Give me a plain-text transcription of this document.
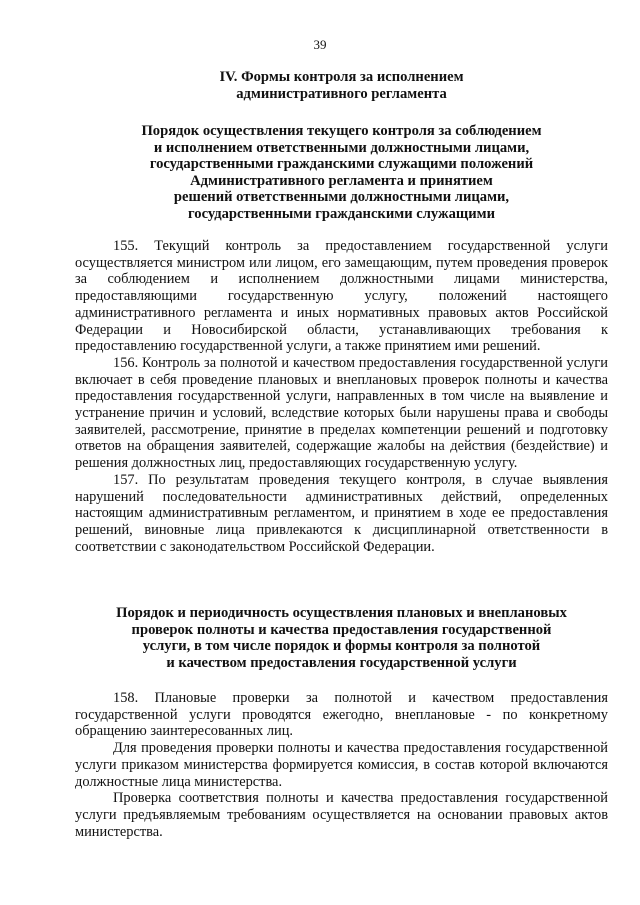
39
IV. Формы контроля за исполнением
административного регламента
Порядок осуществления текущего контроля за соблюдением
и исполнением ответственными должностными лицами,
государственными гражданскими служащими положений
Административного регламента и принятием
решений ответственными должностными лицами,
государственными гражданскими служащими

155. Текущий контроль за предоставлением государственной услуги осуществляется министром или лицом, его замещающим, путем проведения проверок за соблюдением и исполнением должностными лицами министерства, предоставляющими государственную услугу, положений настоящего административного регламента и иных нормативных правовых актов Российской Федерации и Новосибирской области, устанавливающих требования к предоставлению государственной услуги, а также принятием ими решений.

156. Контроль за полнотой и качеством предоставления государственной услуги включает в себя проведение плановых и внеплановых проверок полноты и качества предоставления государственной услуги, направленных в том числе на выявление и устранение причин и условий, вследствие которых были нарушены права и свободы заявителей, рассмотрение, принятие в пределах компетенции решений и подготовку ответов на обращения заявителей, содержащие жалобы на действия (бездействие) и решения должностных лиц, предоставляющих государственную услугу.

157. По результатам проведения текущего контроля, в случае выявления нарушений последовательности административных действий, определенных настоящим административным регламентом, и принятием в ходе ее предоставления решений, виновные лица привлекаются к дисциплинарной ответственности в соответствии с законодательством Российской Федерации.

Порядок и периодичность осуществления плановых и внеплановых
проверок полноты и качества предоставления государственной
услуги, в том числе порядок и формы контроля за полнотой
и качеством предоставления государственной услуги

158. Плановые проверки за полнотой и качеством предоставления государственной услуги проводятся ежегодно, внеплановые - по конкретному обращению заинтересованных лиц.

Для проведения проверки полноты и качества предоставления государственной услуги приказом министерства формируется комиссия, в состав которой включаются должностные лица министерства.

Проверка соответствия полноты и качества предоставления государственной услуги предъявляемым требованиям осуществляется на основании правовых актов министерства.
